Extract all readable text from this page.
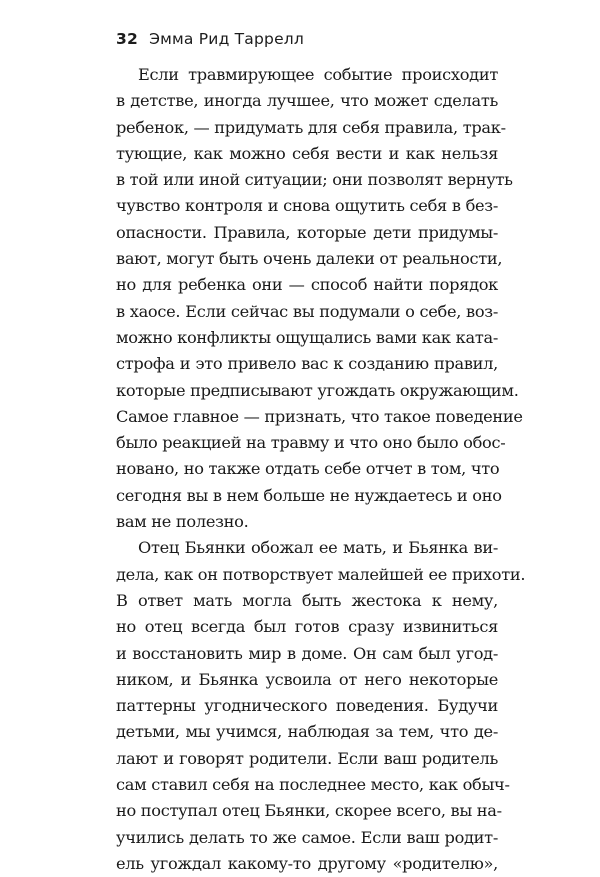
32 Эмма Рид Таррелл
Если травмирующее событие происходит
в детстве, иногда лучшее, что может сделать
ребенок, — придумать для себя правила, трак-
тующие, как можно себя вести и как нельзя
в той или иной ситуации; они позволят вернуть
чувство контроля и снова ощутить себя в без-
опасности. Правила, которые дети придумы-
вают, могут быть очень далеки от реальности,
но для ребенка они — способ найти порядок
в хаосе. Если сейчас вы подумали о себе, воз-
можно конфликты ощущались вами как ката-
строфа и это привело вас к созданию правил,
которые предписывают угождать окружающим.
Самое главное — признать, что такое поведение
было реакцией на травму и что оно было обос-
новано, но также отдать себе отчет в том, что
сегодня вы в нем больше не нуждаетесь и оно
вам не полезно.
Отец Бьянки обожал ее мать, и Бьянка ви-
дела, как он потворствует малейшей ее прихоти.
В ответ мать могла быть жестока к нему,
но отец всегда был готов сразу извиниться
и восстановить мир в доме. Он сам был угод-
ником, и Бьянка усвоила от него некоторые
паттерны угоднического поведения. Будучи
детьми, мы учимся, наблюдая за тем, что де-
лают и говорят родители. Если ваш родитель
сам ставил себя на последнее место, как обыч-
но поступал отец Бьянки, скорее всего, вы на-
учились делать то же самое. Если ваш родит-
ель угождал какому-то другому «родителю»,
